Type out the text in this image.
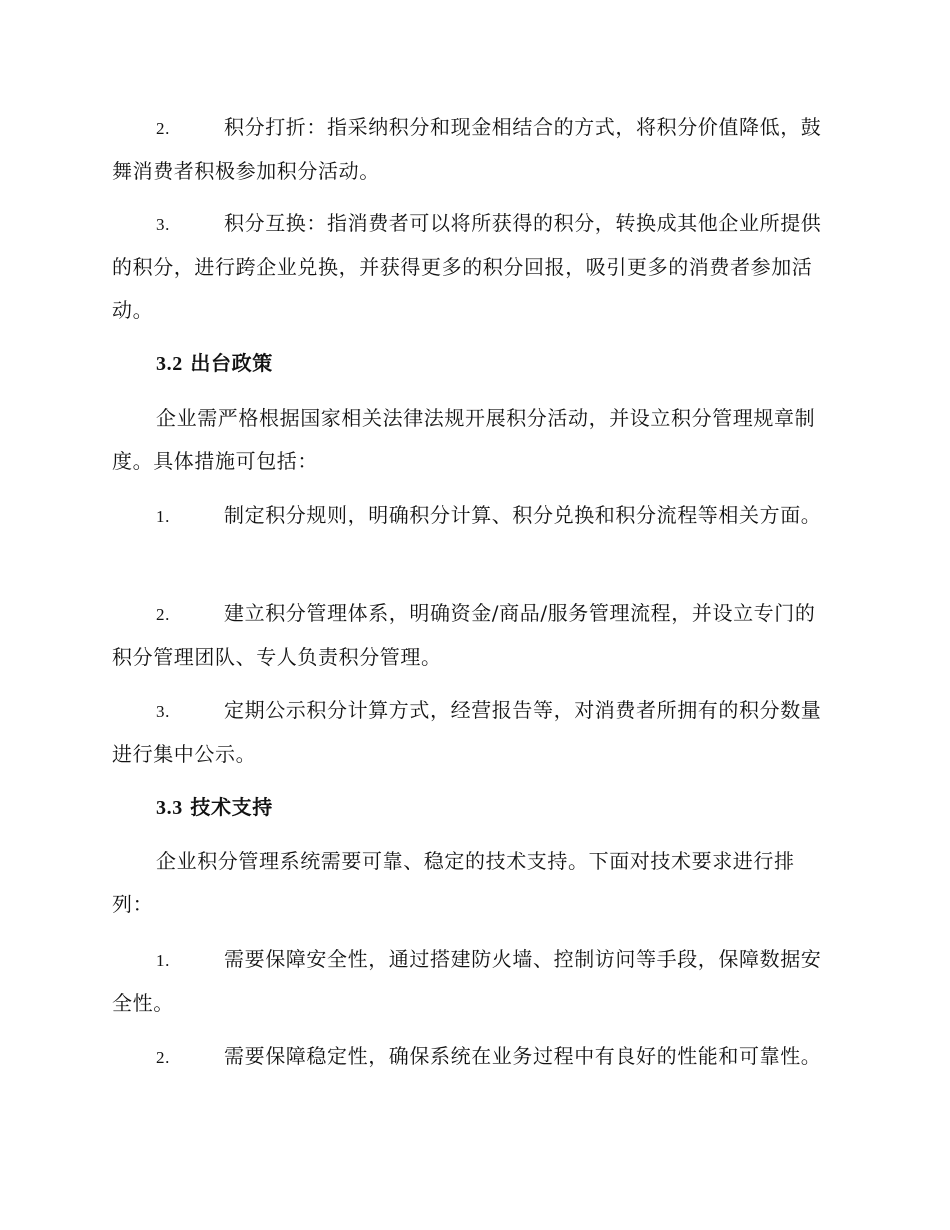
2.	积分打折：指采纳积分和现金相结合的方式，将积分价值降低，鼓舞消费者积极参加积分活动。
3.	积分互换：指消费者可以将所获得的积分，转换成其他企业所提供的积分，进行跨企业兑换，并获得更多的积分回报，吸引更多的消费者参加活动。
3.2 出台政策
企业需严格根据国家相关法律法规开展积分活动，并设立积分管理规章制度。具体措施可包括：
1.	制定积分规则，明确积分计算、积分兑换和积分流程等相关方面。
2.	建立积分管理体系，明确资金/商品/服务管理流程，并设立专门的积分管理团队、专人负责积分管理。
3.	定期公示积分计算方式，经营报告等，对消费者所拥有的积分数量进行集中公示。
3.3 技术支持
企业积分管理系统需要可靠、稳定的技术支持。下面对技术要求进行排列：
1.	需要保障安全性，通过搭建防火墙、控制访问等手段，保障数据安全性。
2.	需要保障稳定性，确保系统在业务过程中有良好的性能和可靠性。
